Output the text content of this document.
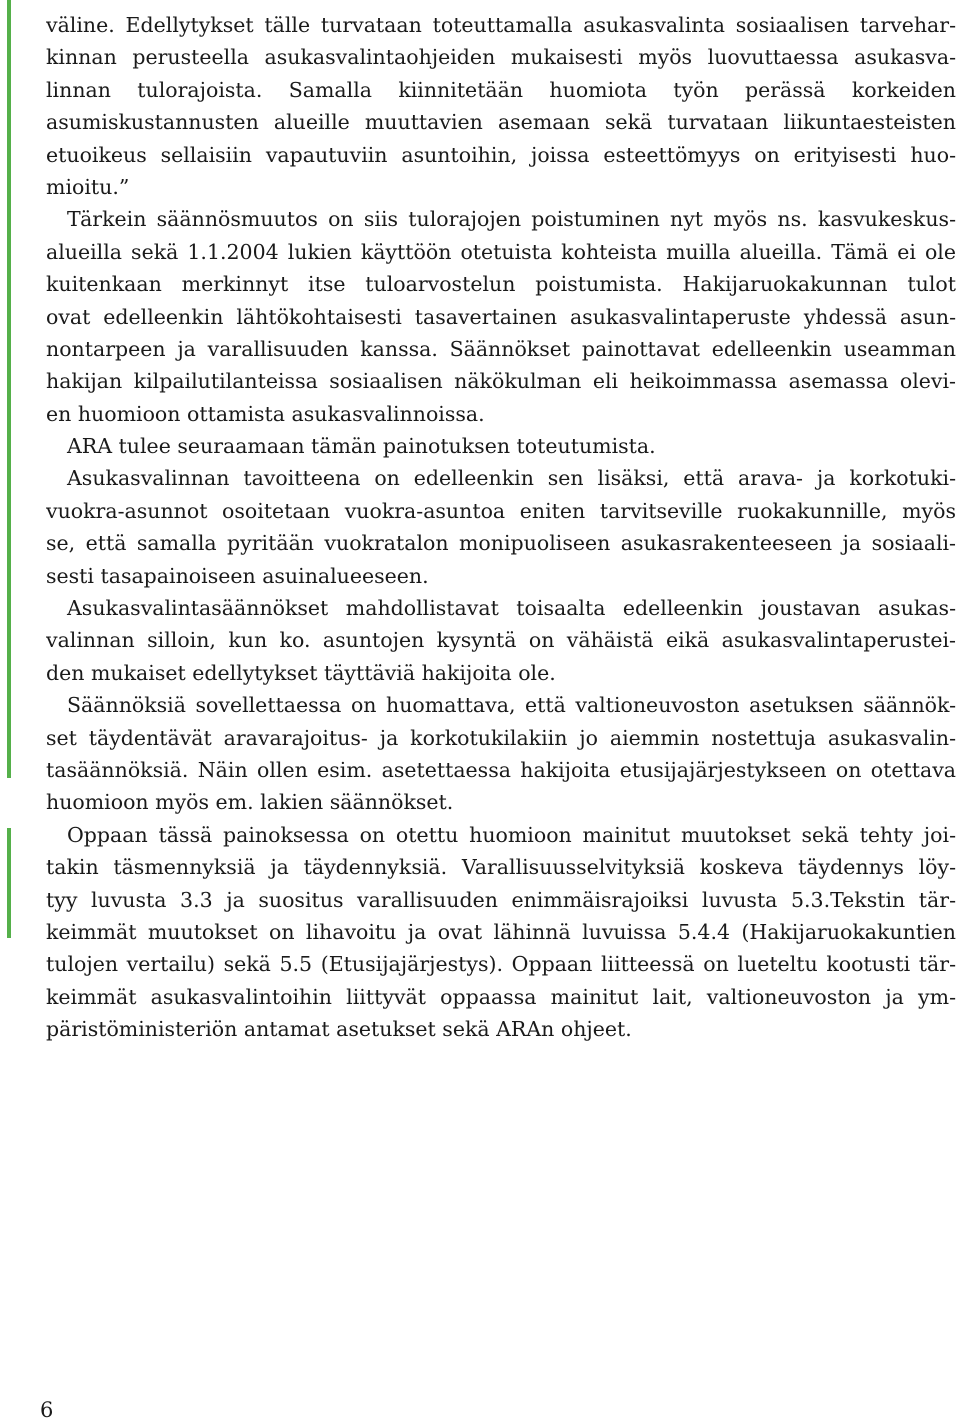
väline. Edellytykset tälle turvataan toteuttamalla asukasvalinta sosiaalisen tarvehar-
kinnan perusteella asukasvalintaohjeiden mukaisesti myös luovuttaessa asukasva-
linnan tulorajoista. Samalla kiinnitetään huomiota työn perässä korkeiden
asumiskustannusten alueille muuttavien asemaan sekä turvataan liikuntaesteisten
etuoikeus sellaisiin vapautuviin asuntoihin, joissa esteettömyys on erityisesti huo-
mioitu.”
Tärkein säännösmuutos on siis tulorajojen poistuminen nyt myös ns. kasvukeskus-
alueilla sekä 1.1.2004 lukien käyttöön otetuista kohteista muilla alueilla. Tämä ei ole
kuitenkaan merkinnyt itse tuloarvostelun poistumista. Hakijaruokakunnan tulot
ovat edelleenkin lähtökohtaisesti tasavertainen asukasvalintaperuste yhdessä asun-
nontarpeen ja varallisuuden kanssa. Säännökset painottavat edelleenkin useamman
hakijan kilpailutilanteissa sosiaalisen näkökulman eli heikoimmassa asemassa olevi-
en huomioon ottamista asukasvalinnoissa.
ARA tulee seuraamaan tämän painotuksen toteutumista.
Asukasvalinnan tavoitteena on edelleenkin sen lisäksi, että arava- ja korkotuki-
vuokra-asunnot osoitetaan vuokra-asuntoa eniten tarvitseville ruokakunnille, myös
se, että samalla pyritään vuokratalon monipuoliseen asukasrakenteeseen ja sosiaali-
sesti tasapainoiseen asuinalueeseen.
Asukasvalintasäännökset mahdollistavat toisaalta edelleenkin joustavan asukas-
valinnan silloin, kun ko. asuntojen kysyntä on vähäistä eikä asukasvalintaperustei-
den mukaiset edellytykset täyttäviä hakijoita ole.
Säännöksiä sovellettaessa on huomattava, että valtioneuvoston asetuksen säännök-
set täydentävät aravarajoitus- ja korkotukilakiin jo aiemmin nostettuja asukasvalin-
tasäännöksiä. Näin ollen esim. asetettaessa hakijoita etusijajärjestykseen on otettava
huomioon myös em. lakien säännökset.
Oppaan tässä painoksessa on otettu huomioon mainitut muutokset sekä tehty joi-
takin täsmennyksiä ja täydennyksiä. Varallisuusselvityksiä koskeva täydennys löy-
tyy luvusta 3.3 ja suositus varallisuuden enimmäisrajoiksi luvusta 5.3.Tekstin tär-
keimmät muutokset on lihavoitu ja ovat lähinnä luvuissa 5.4.4 (Hakijaruokakuntien
tulojen vertailu) sekä 5.5 (Etusijajärjestys). Oppaan liitteessä on lueteltu kootusti tär-
keimmät asukasvalintoihin liittyvät oppaassa mainitut lait, valtioneuvoston ja ym-
päristöministeriön antamat asetukset sekä ARAn ohjeet.
6
